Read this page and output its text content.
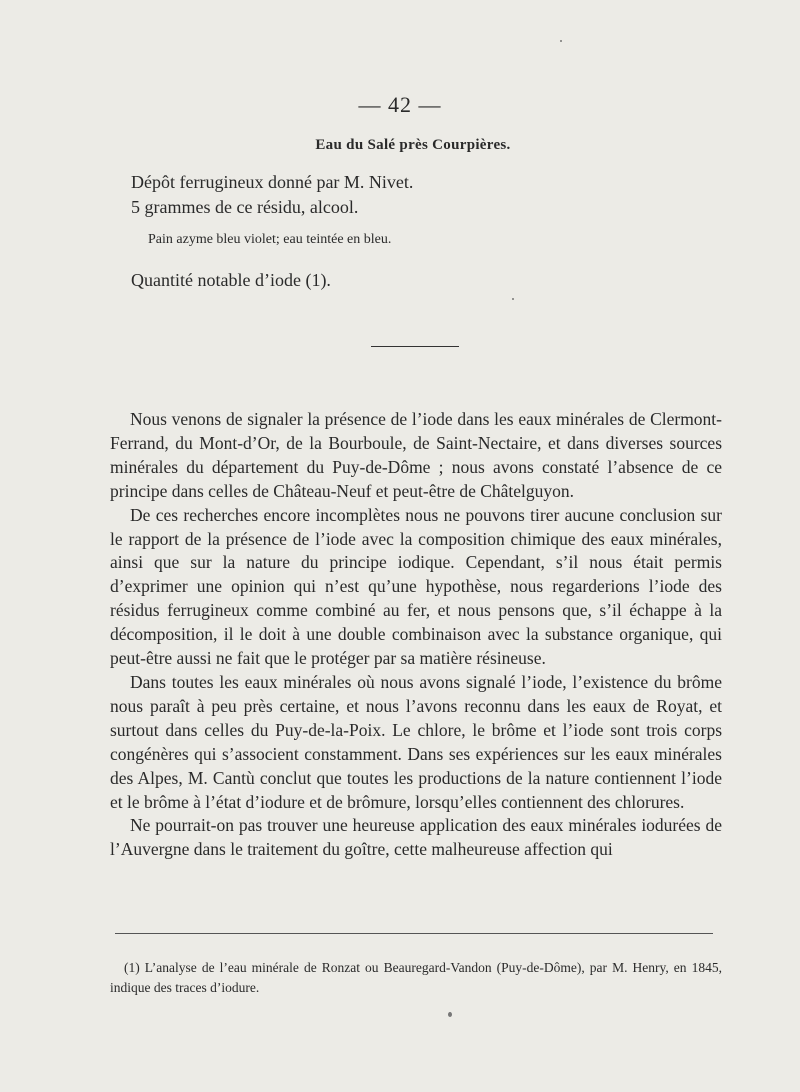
— 42 —
Eau du Salé près Courpières.
Dépôt ferrugineux donné par M. Nivet.
5 grammes de ce résidu, alcool.
Pain azyme bleu violet; eau teintée en bleu.
Quantité notable d’iode (1).

Nous venons de signaler la présence de l’iode dans les eaux minérales de Clermont-Ferrand, du Mont-d’Or, de la Bourboule, de Saint-Nectaire, et dans diverses sources minérales du département du Puy-de-Dôme ; nous avons constaté l’absence de ce principe dans celles de Château-Neuf et peut-être de Châtelguyon.

De ces recherches encore incomplètes nous ne pouvons tirer aucune conclusion sur le rapport de la présence de l’iode avec la composition chimique des eaux minérales, ainsi que sur la nature du principe iodique. Cependant, s’il nous était permis d’exprimer une opinion qui n’est qu’une hypothèse, nous regarderions l’iode des résidus ferrugineux comme combiné au fer, et nous pensons que, s’il échappe à la décomposition, il le doit à une double combinaison avec la substance organique, qui peut-être aussi ne fait que le protéger par sa matière résineuse.

Dans toutes les eaux minérales où nous avons signalé l’iode, l’existence du brôme nous paraît à peu près certaine, et nous l’avons reconnu dans les eaux de Royat, et surtout dans celles du Puy-de-la-Poix. Le chlore, le brôme et l’iode sont trois corps congénères qui s’associent constamment. Dans ses expériences sur les eaux minérales des Alpes, M. Cantù conclut que toutes les productions de la nature contiennent l’iode et le brôme à l’état d’iodure et de brômure, lorsqu’elles contiennent des chlorures.

Ne pourrait-on pas trouver une heureuse application des eaux minérales iodurées de l’Auvergne dans le traitement du goître, cette malheureuse affection qui

(1) L’analyse de l’eau minérale de Ronzat ou Beauregard-Vandon (Puy-de-Dôme), par M. Henry, en 1845, indique des traces d’iodure.
